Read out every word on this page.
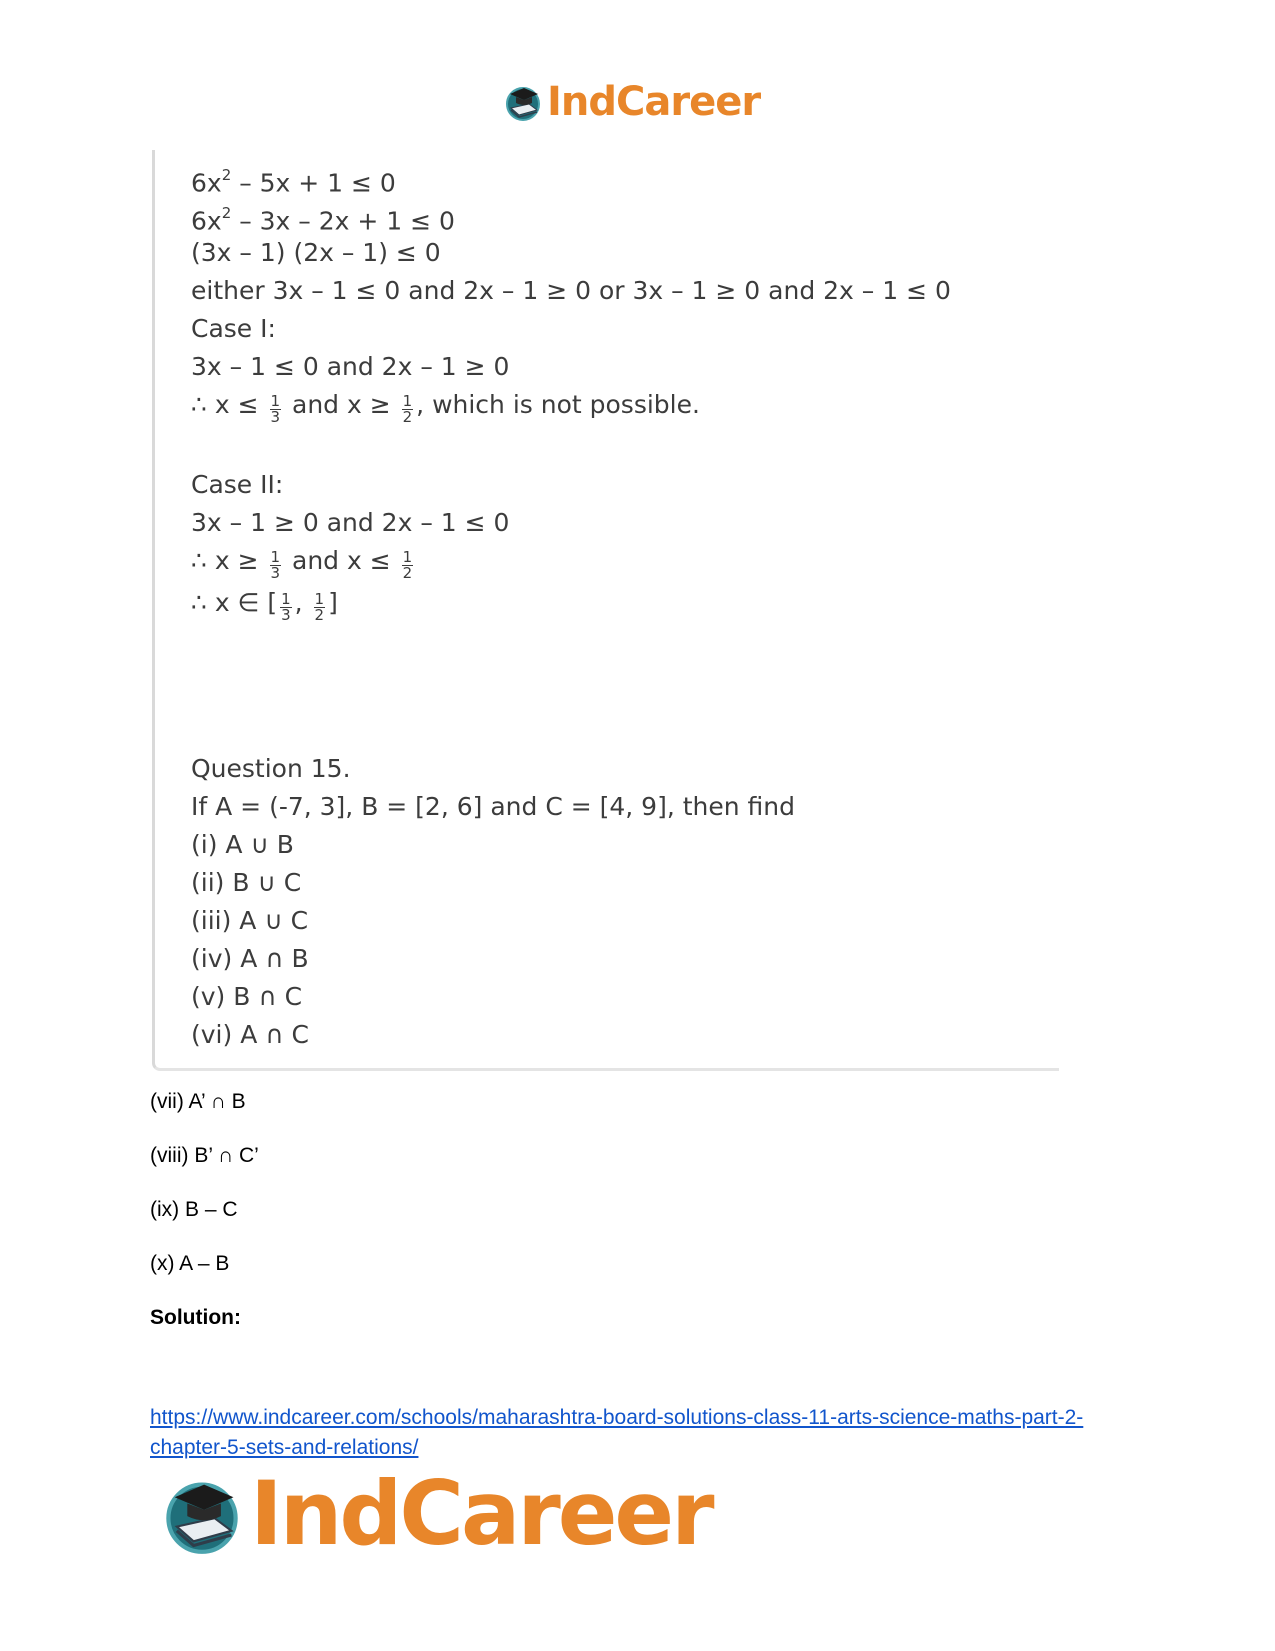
IndCareer
$6x^2 - 5x + 1 \le 0$
$6x^2 - 3x - 2x + 1 \le 0$
(3x – 1) (2x – 1) ≤ 0
either 3x – 1 ≤ 0 and 2x – 1 ≥ 0 or 3x – 1 ≥ 0 and 2x – 1 ≤ 0
Case I:
3x – 1 ≤ 0 and 2x – 1 ≥ 0
∴ $x \le \frac{1}{3}$ and $x \ge \frac{1}{2}$ , which is not possible.
Case II:
3x – 1 ≥ 0 and 2x – 1 ≤ 0
∴ $x \ge \frac{1}{3}$ and $x \le \frac{1}{2}$
∴ x ∈ [ $\frac{1}{3}$ , $\frac{1}{2}$ ]
Question 15.
If A = (-7, 3], B = [2, 6] and C = [4, 9], then find
(i) A ∪ B
(ii) B ∪ C
(iii) A ∪ C
(iv) A ∩ B
(v) B ∩ C
(vi) A ∩ C
(vii) A’ ∩ B
(viii) B’ ∩ C’
(ix) B – C
(x) A – B
Solution:
https://www.indcareer.com/schools/maharashtra-board-solutions-class-11-arts-science-maths-part-2-chapter-5-sets-and-relations/
IndCareer
